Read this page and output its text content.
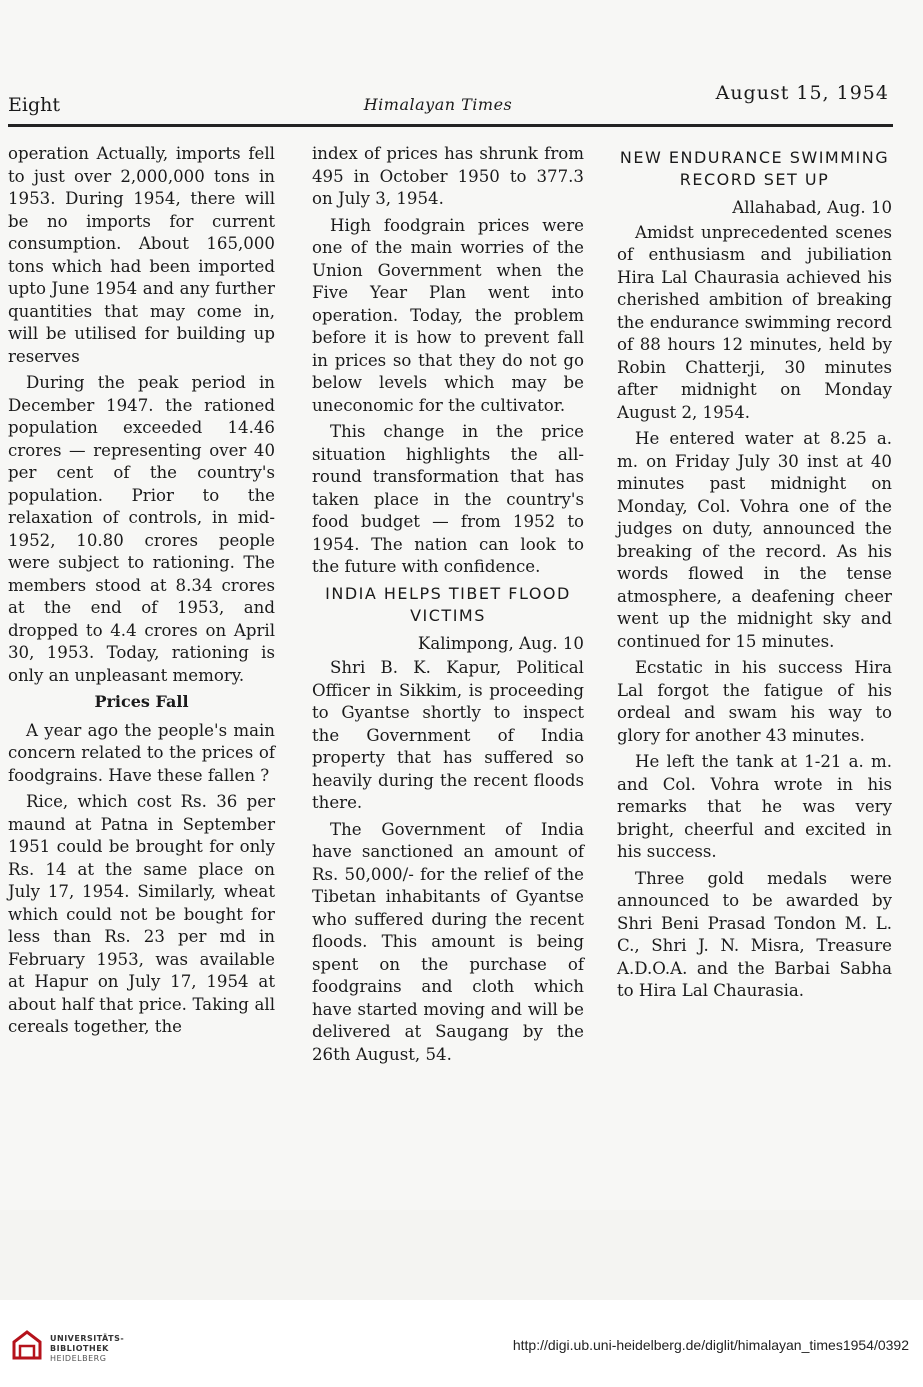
Eight	Himalayan Times
August 15, 1954

operation Actually, imports fell to just over 2,000,000 tons in 1953. During 1954, there will be no imports for current consumption. About 165,000 tons which had been imported upto June 1954 and any further quantities that may come in, will be utilised for building up reserves

During the peak period in December 1947. the rationed population exceeded 14.46 crores — representing over 40 per cent of the country's population. Prior to the relaxation of controls, in mid-1952, 10.80 crores people were subject to rationing. The members stood at 8.34 crores at the end of 1953, and dropped to 4.4 crores on April 30, 1953. Today, rationing is only an unpleasant memory.

Prices Fall

A year ago the people's main concern related to the prices of foodgrains. Have these fallen ?

Rice, which cost Rs. 36 per maund at Patna in September 1951 could be brought for only Rs. 14 at the same place on July 17, 1954. Similarly, wheat which could not be bought for less than Rs. 23 per md in February 1953, was available at Hapur on July 17, 1954 at about half that price. Taking all cereals together, the

index of prices has shrunk from 495 in October 1950 to 377.3 on July 3, 1954.

High foodgrain prices were one of the main worries of the Union Government when the Five Year Plan went into operation. Today, the problem before it is how to prevent fall in prices so that they do not go below levels which may be uneconomic for the cultivator.

This change in the price situation highlights the all-round transformation that has taken place in the country's food budget — from 1952 to 1954. The nation can look to the future with confidence.

INDIA HELPS TIBET FLOOD VICTIMS
Kalimpong, Aug. 10

Shri B. K. Kapur, Political Officer in Sikkim, is proceeding to Gyantse shortly to inspect the Government of India property that has suffered so heavily during the recent floods there.

The Government of India have sanctioned an amount of Rs. 50,000/- for the relief of the Tibetan inhabitants of Gyantse who suffered during the recent floods. This amount is being spent on the purchase of foodgrains and cloth which have started moving and will be delivered at Saugang by the 26th August, 54.

NEW ENDURANCE SWIMMING RECORD SET UP
Allahabad, Aug. 10

Amidst unprecedented scenes of enthusiasm and jubiliation Hira Lal Chaurasia achieved his cherished ambition of breaking the endurance swimming record of 88 hours 12 minutes, held by Robin Chatterji, 30 minutes after midnight on Monday August 2, 1954.

He entered water at 8.25 a. m. on Friday July 30 inst at 40 minutes past midnight on Monday, Col. Vohra one of the judges on duty, announced the breaking of the record. As his words flowed in the tense atmosphere, a deafening cheer went up the midnight sky and continued for 15 minutes.

Ecstatic in his success Hira Lal forgot the fatigue of his ordeal and swam his way to glory for another 43 minutes.

He left the tank at 1-21 a. m. and Col. Vohra wrote in his remarks that he was very bright, cheerful and excited in his success.

Three gold medals were announced to be awarded by Shri Beni Prasad Tondon M. L. C., Shri J. N. Misra, Treasure A.D.O.A. and the Barbai Sabha to Hira Lal Chaurasia.

UNIVERSITÄTS-
BIBLIOTHEK
HEIDELBERG
http://digi.ub.uni-heidelberg.de/diglit/himalayan_times1954/0392
